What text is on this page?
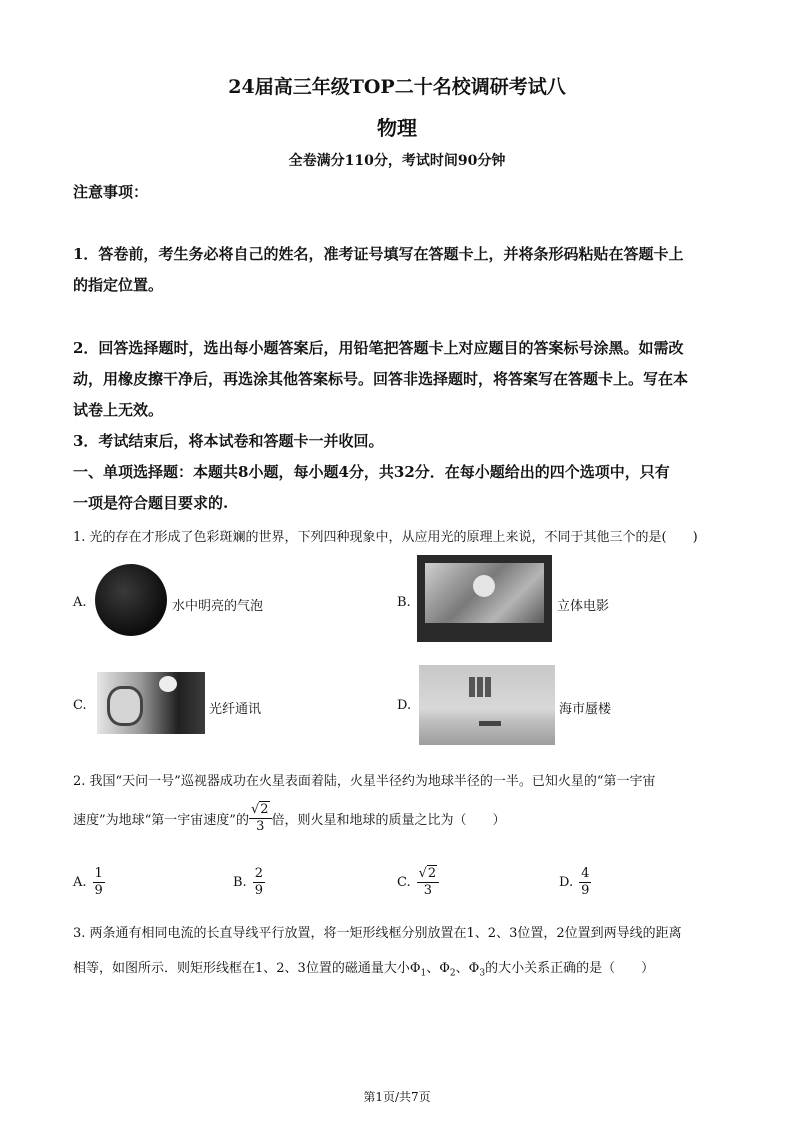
24届高三年级TOP二十名校调研考试八
物理
全卷满分110分，考试时间90分钟
注意事项：
1．答卷前，考生务必将自己的姓名，准考证号填写在答题卡上，并将条形码粘贴在答题卡上
的指定位置。
2．回答选择题时，选出每小题答案后，用铅笔把答题卡上对应题目的答案标号涂黑。如需改
动，用橡皮擦干净后，再选涂其他答案标号。回答非选择题时，将答案写在答题卡上。写在本
试卷上无效。
3．考试结束后，将本试卷和答题卡一并收回。
一、单项选择题：本题共8小题，每小题4分，共32分．在每小题给出的四个选项中，只有
一项是符合题目要求的.
1. 光的存在才形成了色彩斑斓的世界，下列四种现象中，从应用光的原理上来说，不同于其他三个的是(　　)
A.	水中明亮的气泡	B.	立体电影
C.	光纤通讯	D.	海市蜃楼
2. 我国“天问一号”巡视器成功在火星表面着陆，火星半径约为地球半径的一半。已知火星的“第一宇宙
速度”为地球“第一宇宙速度”的 $\frac{√2}{3}$ 倍，则火星和地球的质量之比为（　　）
A. $\frac{1}{9}$	B. $\frac{2}{9}$	C. $\frac{√2}{3}$	D. $\frac{4}{9}$
3. 两条通有相同电流的长直导线平行放置，将一矩形线框分别放置在1、2、3位置，2位置到两导线的距离
相等，如图所示．则矩形线框在1、2、3位置的磁通量大小$\Phi_1$、$\Phi_2$、$\Phi_3$的大小关系正确的是（　　）
第1页/共7页
